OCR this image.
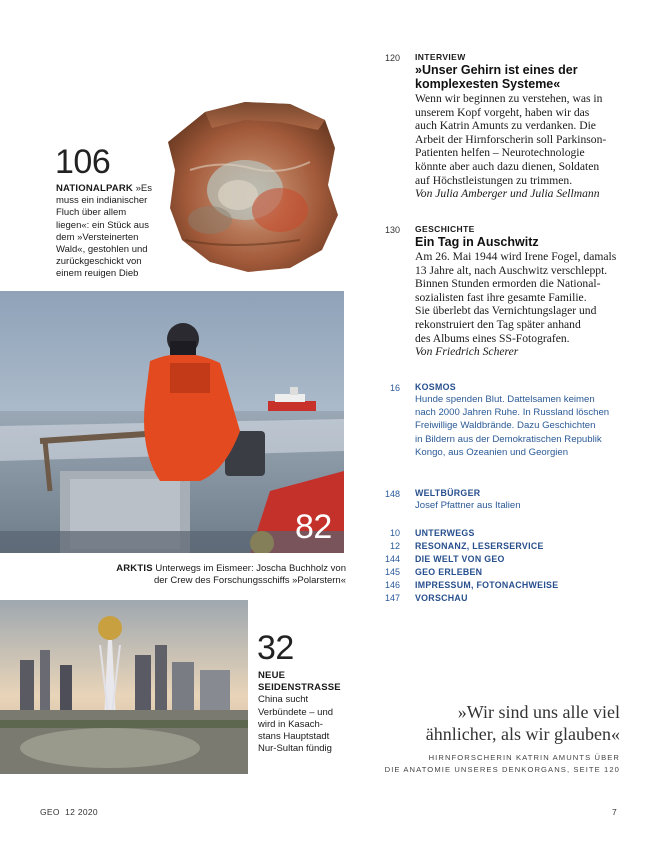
106
NATIONALPARK »Es
muss ein indianischer
Fluch über allem
liegen«: ein Stück aus
dem »Versteinerten
Wald«, gestohlen und
zurückgeschickt von
einem reuigen Dieb
82
ARKTIS Unterwegs im Eismeer: Joscha Buchholz von
der Crew des Forschungsschiffs »Polarstern«
32
NEUE
SEIDENSTRASSE
China sucht
Verbündete – und
wird in Kasach-
stans Hauptstadt
Nur-Sultan fündig
120 INTERVIEW
»Unser Gehirn ist eines der
komplexesten Systeme«
Wenn wir beginnen zu verstehen, was in
unserem Kopf vorgeht, haben wir das
auch Katrin Amunts zu verdanken. Die
Arbeit der Hirnforscherin soll Parkinson-
Patienten helfen – Neurotechnologie
könnte aber auch dazu dienen, Soldaten
auf Höchstleistungen zu trimmen.
Von Julia Amberger und Julia Sellmann
130 GESCHICHTE
Ein Tag in Auschwitz
Am 26. Mai 1944 wird Irene Fogel, damals
13 Jahre alt, nach Auschwitz verschleppt.
Binnen Stunden ermorden die National-
sozialisten fast ihre gesamte Familie.
Sie überlebt das Vernichtungslager und
rekonstruiert den Tag später anhand
des Albums eines SS-Fotografen.
Von Friedrich Scherer
16 KOSMOS
Hunde spenden Blut. Dattelsamen keimen
nach 2000 Jahren Ruhe. In Russland löschen
Freiwillige Waldbrände. Dazu Geschichten
in Bildern aus der Demokratischen Republik
Kongo, aus Ozeanien und Georgien
148 WELTBÜRGER
Josef Pfattner aus Italien
10 UNTERWEGS
12 RESONANZ, LESERSERVICE
144 DIE WELT VON GEO
145 GEO ERLEBEN
146 IMPRESSUM, FOTONACHWEISE
147 VORSCHAU
»Wir sind uns alle viel
ähnlicher, als wir glauben«
HIRNFORSCHERIN KATRIN AMUNTS ÜBER
DIE ANATOMIE UNSERES DENKORGANS, SEITE 120
GEO  12 2020	7
